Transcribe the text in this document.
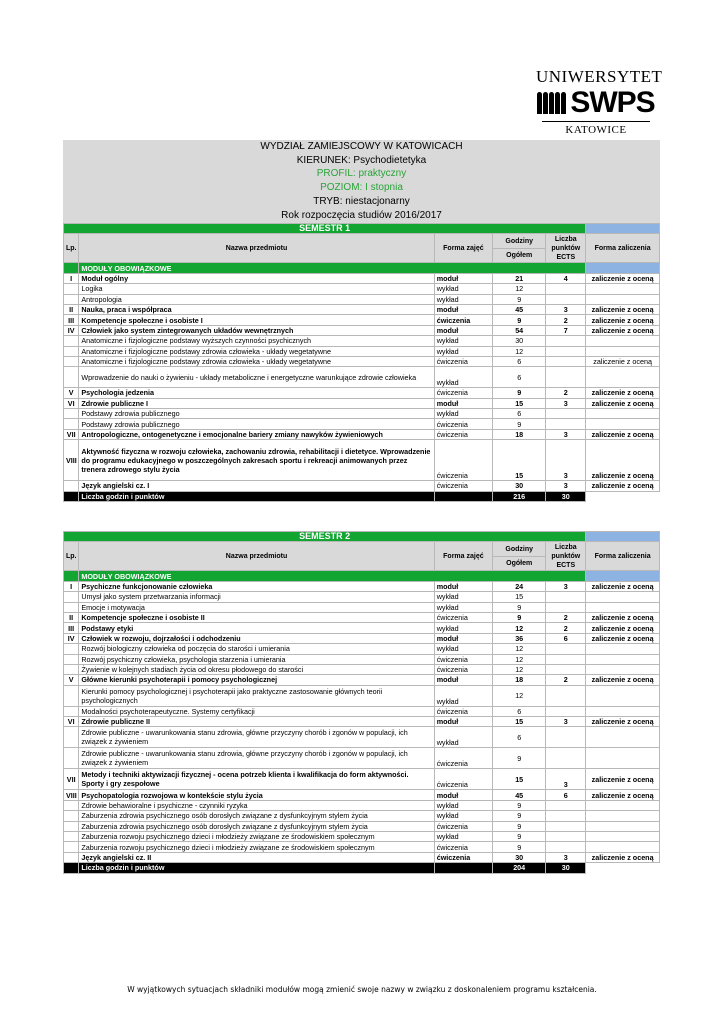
UNIWERSYTET
SWPS
KATOWICE
WYDZIAŁ ZAMIEJSCOWY W KATOWICACH
KIERUNEK: Psychodietetyka
PROFIL: praktyczny
POZIOM: I stopnia
TRYB: niestacjonarny
Rok rozpoczęcia studiów 2016/2017
SEMESTR 1					
Lp.	Nazwa przedmiotu	Forma zajęć	Godziny	Liczba punktów ECTS	Forma zaliczenia
			Ogółem		
	MODUŁY OBOWIĄZKOWE				
I	Moduł ogólny	moduł	21	4	zaliczenie z oceną
	Logika	wykład	12		
	Antropologia	wykład	9		
II	Nauka, praca i współpraca	moduł	45	3	zaliczenie z oceną
III	Kompetencje społeczne i osobiste I	ćwiczenia	9	2	zaliczenie z oceną
IV	Człowiek jako system zintegrowanych układów wewnętrznych	moduł	54	7	zaliczenie z oceną
	Anatomiczne i fizjologiczne podstawy wyższych czynności psychicznych	wykład	30		
	Anatomiczne i fizjologiczne podstawy zdrowia człowieka - układy wegetatywne	wykład	12		
	Anatomiczne i fizjologiczne podstawy zdrowia człowieka - układy wegetatywne	ćwiczenia	6		zaliczenie z oceną
	Wprowadzenie do nauki o żywieniu - układy metaboliczne i energetyczne warunkujące zdrowie człowieka	wykład	6		
V	Psychologia jedzenia	ćwiczenia	9	2	zaliczenie z oceną
VI	Zdrowie publiczne I	moduł	15	3	zaliczenie z oceną
	Podstawy zdrowia publicznego	wykład	6		
	Podstawy zdrowia publicznego	ćwiczenia	9		
VII	Antropologiczne, ontogenetyczne i emocjonalne bariery zmiany nawyków żywieniowych	ćwiczenia	18	3	zaliczenie z oceną
VIII	Aktywność fizyczna w rozwoju człowieka, zachowaniu zdrowia, rehabilitacji i dietetyce. Wprowadzenie do programu edukacyjnego w poszczególnych zakresach sportu i rekreacji animowanych przez trenera zdrowego stylu życia	ćwiczenia	15	3	zaliczenie z oceną
	Język angielski cz. I	ćwiczenia	30	3	zaliczenie z oceną
	Liczba godzin i punktów		216	30	
SEMESTR 2					
Lp.	Nazwa przedmiotu	Forma zajęć	Godziny	Liczba punktów ECTS	Forma zaliczenia
			Ogółem		
	MODUŁY OBOWIĄZKOWE				
I	Psychiczne funkcjonowanie człowieka	moduł	24	3	zaliczenie z oceną
	Umysł jako system przetwarzania informacji	wykład	15		
	Emocje i motywacja	wykład	9		
II	Kompetencje społeczne i osobiste II	ćwiczenia	9	2	zaliczenie z oceną
III	Podstawy etyki	wykład	12	2	zaliczenie z oceną
IV	Człowiek w rozwoju, dojrzałości i odchodzeniu	moduł	36	6	zaliczenie z oceną
	Rozwój biologiczny człowieka od poczęcia do starości i umierania	wykład	12		
	Rozwój psychiczny człowieka, psychologia starzenia i umierania	ćwiczenia	12		
	Żywienie w kolejnych stadiach życia od okresu płodowego do starości	ćwiczenia	12		
V	Główne kierunki psychoterapii i pomocy psychologicznej	moduł	18	2	zaliczenie z oceną
	Kierunki pomocy psychologicznej i psychoterapii jako praktyczne zastosowanie głównych teorii psychologicznych	wykład	12		
	Modalności psychoterapeutyczne. Systemy certyfikacji	ćwiczenia	6		
VI	Zdrowie publiczne II	moduł	15	3	zaliczenie z oceną
	Zdrowie publiczne - uwarunkowania stanu zdrowia, główne przyczyny chorób i zgonów w populacji, ich związek z żywieniem	wykład	6		
	Zdrowie publiczne - uwarunkowania stanu zdrowia, główne przyczyny chorób i zgonów w populacji, ich związek z żywieniem	ćwiczenia	9		
VII	Metody i techniki aktywizacji fizycznej - ocena potrzeb klienta i kwalifikacja do form aktywności. Sporty i gry zespołowe	ćwiczenia	15	3	zaliczenie z oceną
VIII	Psychopatologia rozwojowa w kontekście stylu życia	moduł	45	6	zaliczenie z oceną
	Zdrowie behawioralne i psychiczne - czynniki ryzyka	wykład	9		
	Zaburzenia zdrowia psychicznego osób dorosłych związane z dysfunkcyjnym stylem życia	wykład	9		
	Zaburzenia zdrowia psychicznego osób dorosłych związane z dysfunkcyjnym stylem życia	ćwiczenia	9		
	Zaburzenia rozwoju psychicznego dzieci i młodzieży związane ze środowiskiem społecznym	wykład	9		
	Zaburzenia rozwoju psychicznego dzieci i młodzieży związane ze środowiskiem społecznym	ćwiczenia	9		
	Język angielski cz. II	ćwiczenia	30	3	zaliczenie z oceną
	Liczba godzin i punktów		204	30	
W wyjątkowych sytuacjach składniki modułów mogą zmienić swoje nazwy w związku z doskonaleniem programu kształcenia.
